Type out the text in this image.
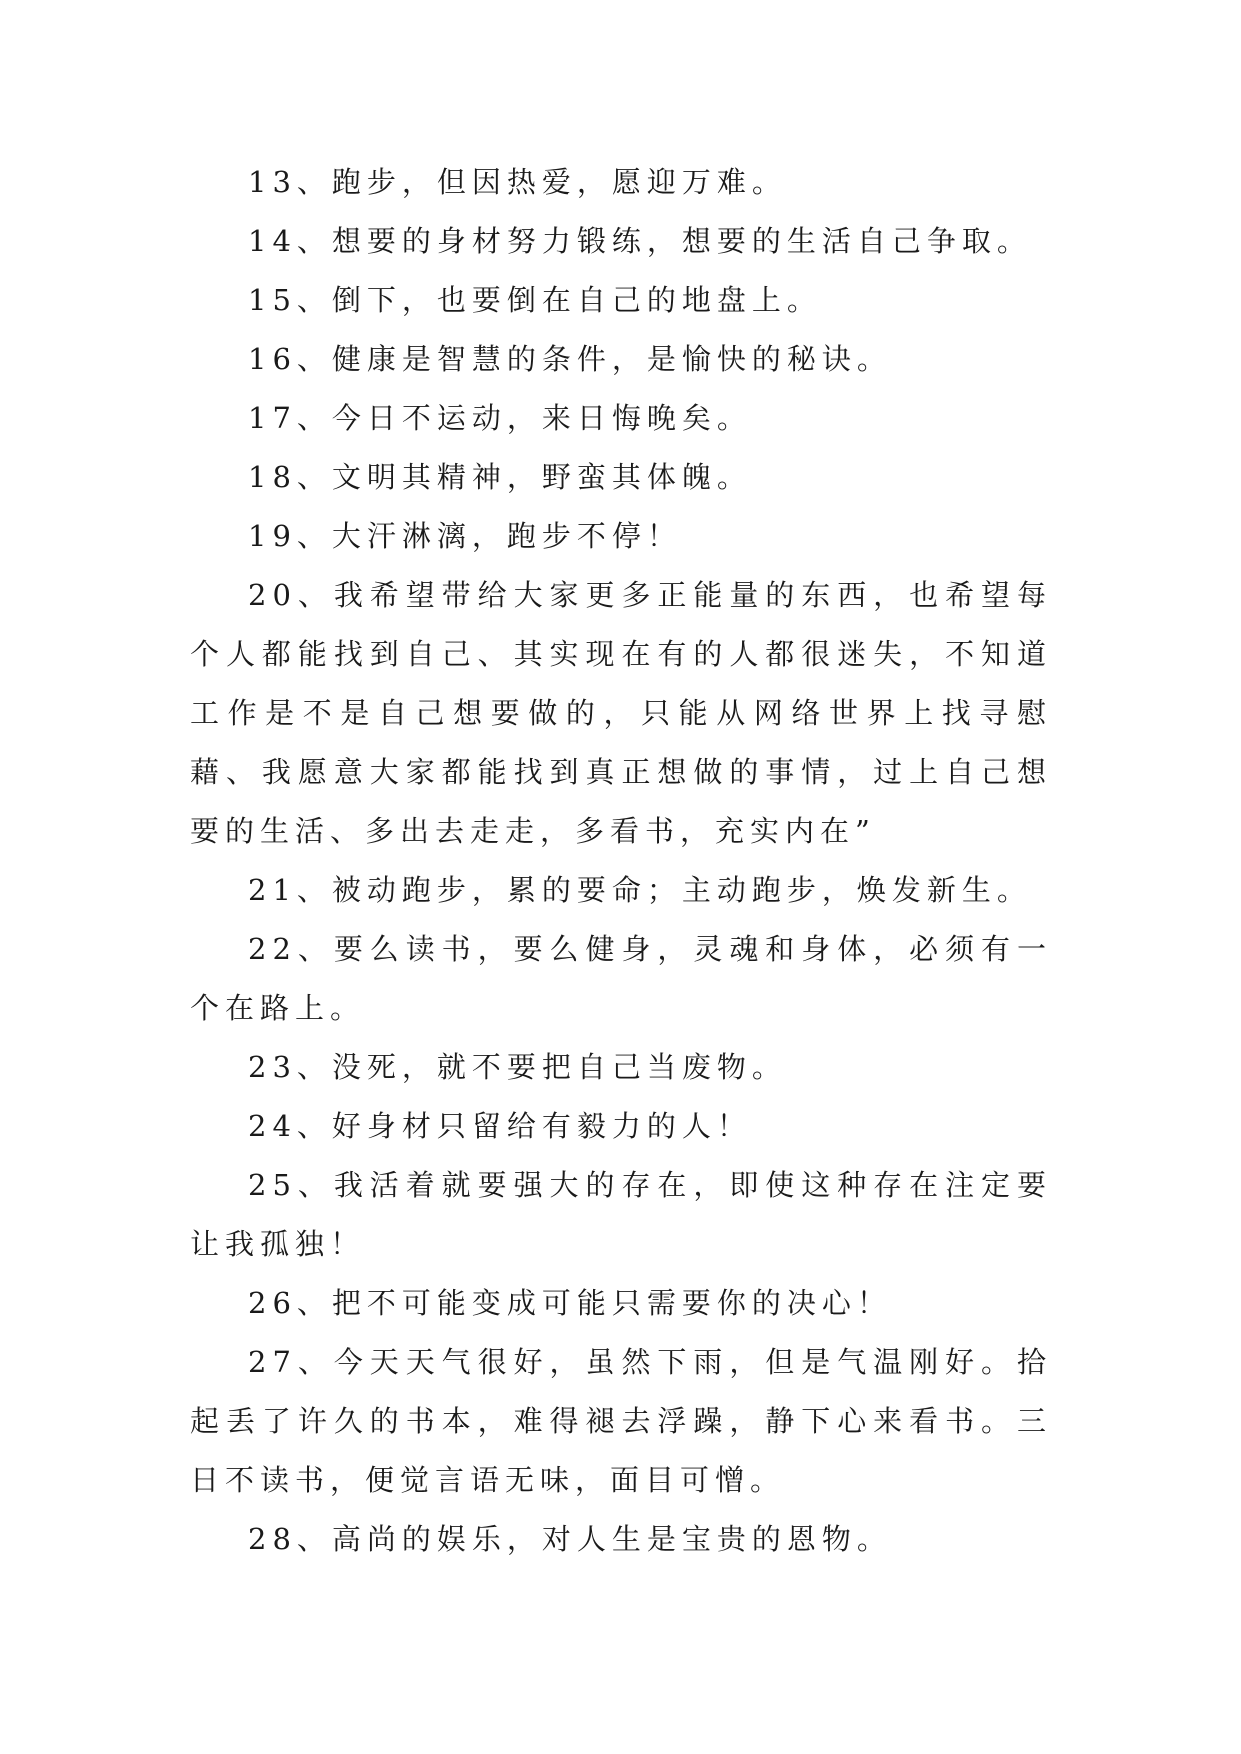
13、跑步，但因热爱，愿迎万难。

14、想要的身材努力锻练，想要的生活自己争取。

15、倒下，也要倒在自己的地盘上。

16、健康是智慧的条件，是愉快的秘诀。

17、今日不运动，来日悔晚矣。

18、文明其精神，野蛮其体魄。

19、大汗淋漓，跑步不停！

20、我希望带给大家更多正能量的东西，也希望每个人都能找到自己、其实现在有的人都很迷失，不知道工作是不是自己想要做的，只能从网络世界上找寻慰藉、我愿意大家都能找到真正想做的事情，过上自己想要的生活、多出去走走，多看书，充实内在”

21、被动跑步，累的要命；主动跑步，焕发新生。

22、要么读书，要么健身，灵魂和身体，必须有一个在路上。

23、没死，就不要把自己当废物。

24、好身材只留给有毅力的人！

25、我活着就要强大的存在，即使这种存在注定要让我孤独！

26、把不可能变成可能只需要你的决心！

27、今天天气很好，虽然下雨，但是气温刚好。拾起丢了许久的书本，难得褪去浮躁，静下心来看书。三日不读书，便觉言语无味，面目可憎。

28、高尚的娱乐，对人生是宝贵的恩物。
